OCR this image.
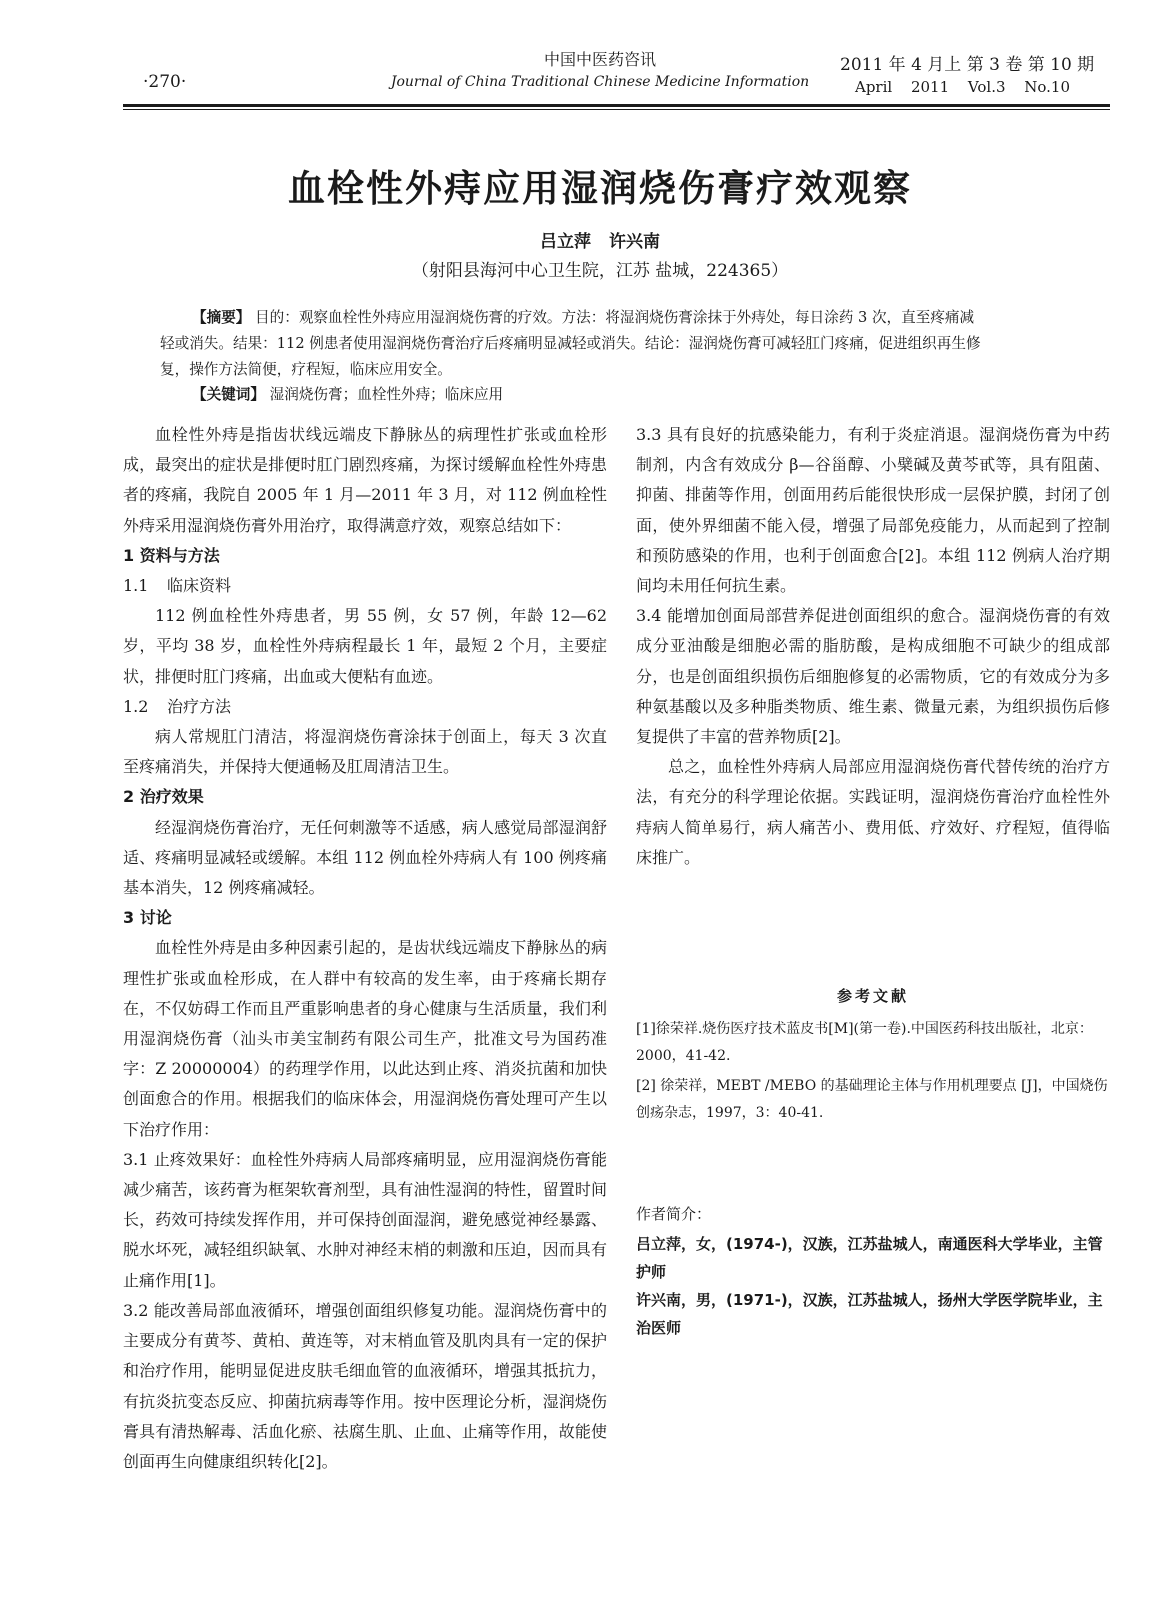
·270·
中国中医药咨讯
Journal of China Traditional Chinese Medicine Information
2011 年 4 月上 第 3 卷 第 10 期
April 2011 Vol.3 No.10
血栓性外痔应用湿润烧伤膏疗效观察
吕立萍 许兴南
（射阳县海河中心卫生院，江苏 盐城，224365）
【摘要】 目的：观察血栓性外痔应用湿润烧伤膏的疗效。方法：将湿润烧伤膏涂抹于外痔处，每日涂药 3 次，直至疼痛减
轻或消失。结果：112 例患者使用湿润烧伤膏治疗后疼痛明显减轻或消失。结论：湿润烧伤膏可减轻肛门疼痛，促进组织再生修
复，操作方法简便，疗程短，临床应用安全。
【关键词】 湿润烧伤膏；血栓性外痔；临床应用

血栓性外痔是指齿状线远端皮下静脉丛的病理性扩张或血栓形成，最突出的症状是排便时肛门剧烈疼痛，为探讨缓解血栓性外痔患者的疼痛，我院自 2005 年 1 月—2011 年 3 月，对 112 例血栓性外痔采用湿润烧伤膏外用治疗，取得满意疗效，观察总结如下：

1 资料与方法

1.1 临床资料

112 例血栓性外痔患者，男 55 例，女 57 例，年龄 12—62 岁，平均 38 岁，血栓性外痔病程最长 1 年，最短 2 个月，主要症状，排便时肛门疼痛，出血或大便粘有血迹。

1.2 治疗方法

病人常规肛门清洁，将湿润烧伤膏涂抹于创面上，每天 3 次直至疼痛消失，并保持大便通畅及肛周清洁卫生。

2 治疗效果

经湿润烧伤膏治疗，无任何刺激等不适感，病人感觉局部湿润舒适、疼痛明显减轻或缓解。本组 112 例血栓外痔病人有 100 例疼痛基本消失，12 例疼痛减轻。

3 讨论

血栓性外痔是由多种因素引起的，是齿状线远端皮下静脉丛的病理性扩张或血栓形成，在人群中有较高的发生率，由于疼痛长期存在，不仅妨碍工作而且严重影响患者的身心健康与生活质量，我们利用湿润烧伤膏（汕头市美宝制药有限公司生产，批准文号为国药准字：Z 20000004）的药理学作用，以此达到止疼、消炎抗菌和加快创面愈合的作用。根据我们的临床体会，用湿润烧伤膏处理可产生以下治疗作用：

3.1 止疼效果好：血栓性外痔病人局部疼痛明显，应用湿润烧伤膏能减少痛苦，该药膏为框架软膏剂型，具有油性湿润的特性，留置时间长，药效可持续发挥作用，并可保持创面湿润，避免感觉神经暴露、脱水坏死，减轻组织缺氧、水肿对神经末梢的刺激和压迫，因而具有止痛作用[1]。

3.2 能改善局部血液循环，增强创面组织修复功能。湿润烧伤膏中的主要成分有黄芩、黄柏、黄连等，对末梢血管及肌肉具有一定的保护和治疗作用，能明显促进皮肤毛细血管的血液循环，增强其抵抗力，有抗炎抗变态反应、抑菌抗病毒等作用。按中医理论分析，湿润烧伤膏具有清热解毒、活血化瘀、祛腐生肌、止血、止痛等作用，故能使创面再生向健康组织转化[2]。

3.3 具有良好的抗感染能力，有利于炎症消退。湿润烧伤膏为中药制剂，内含有效成分 β—谷甾醇、小檗碱及黄芩甙等，具有阻菌、抑菌、排菌等作用，创面用药后能很快形成一层保护膜，封闭了创面，使外界细菌不能入侵，增强了局部免疫能力，从而起到了控制和预防感染的作用，也利于创面愈合[2]。本组 112 例病人治疗期间均未用任何抗生素。

3.4 能增加创面局部营养促进创面组织的愈合。湿润烧伤膏的有效成分亚油酸是细胞必需的脂肪酸，是构成细胞不可缺少的组成部分，也是创面组织损伤后细胞修复的必需物质，它的有效成分为多种氨基酸以及多种脂类物质、维生素、微量元素，为组织损伤后修复提供了丰富的营养物质[2]。

总之，血栓性外痔病人局部应用湿润烧伤膏代替传统的治疗方法，有充分的科学理论依据。实践证明，湿润烧伤膏治疗血栓性外痔病人简单易行，病人痛苦小、费用低、疗效好、疗程短，值得临床推广。

参考文献

[1]徐荣祥.烧伤医疗技术蓝皮书[M](第一卷).中国医药科技出版社，北京：2000，41-42.

[2] 徐荣祥，MEBT /MEBO 的基础理论主体与作用机理要点 [J]，中国烧伤创疡杂志，1997，3：40-41.

作者简介：

吕立萍，女，(1974-)，汉族，江苏盐城人，南通医科大学毕业，主管护师

许兴南，男，(1971-)，汉族，江苏盐城人，扬州大学医学院毕业，主治医师
